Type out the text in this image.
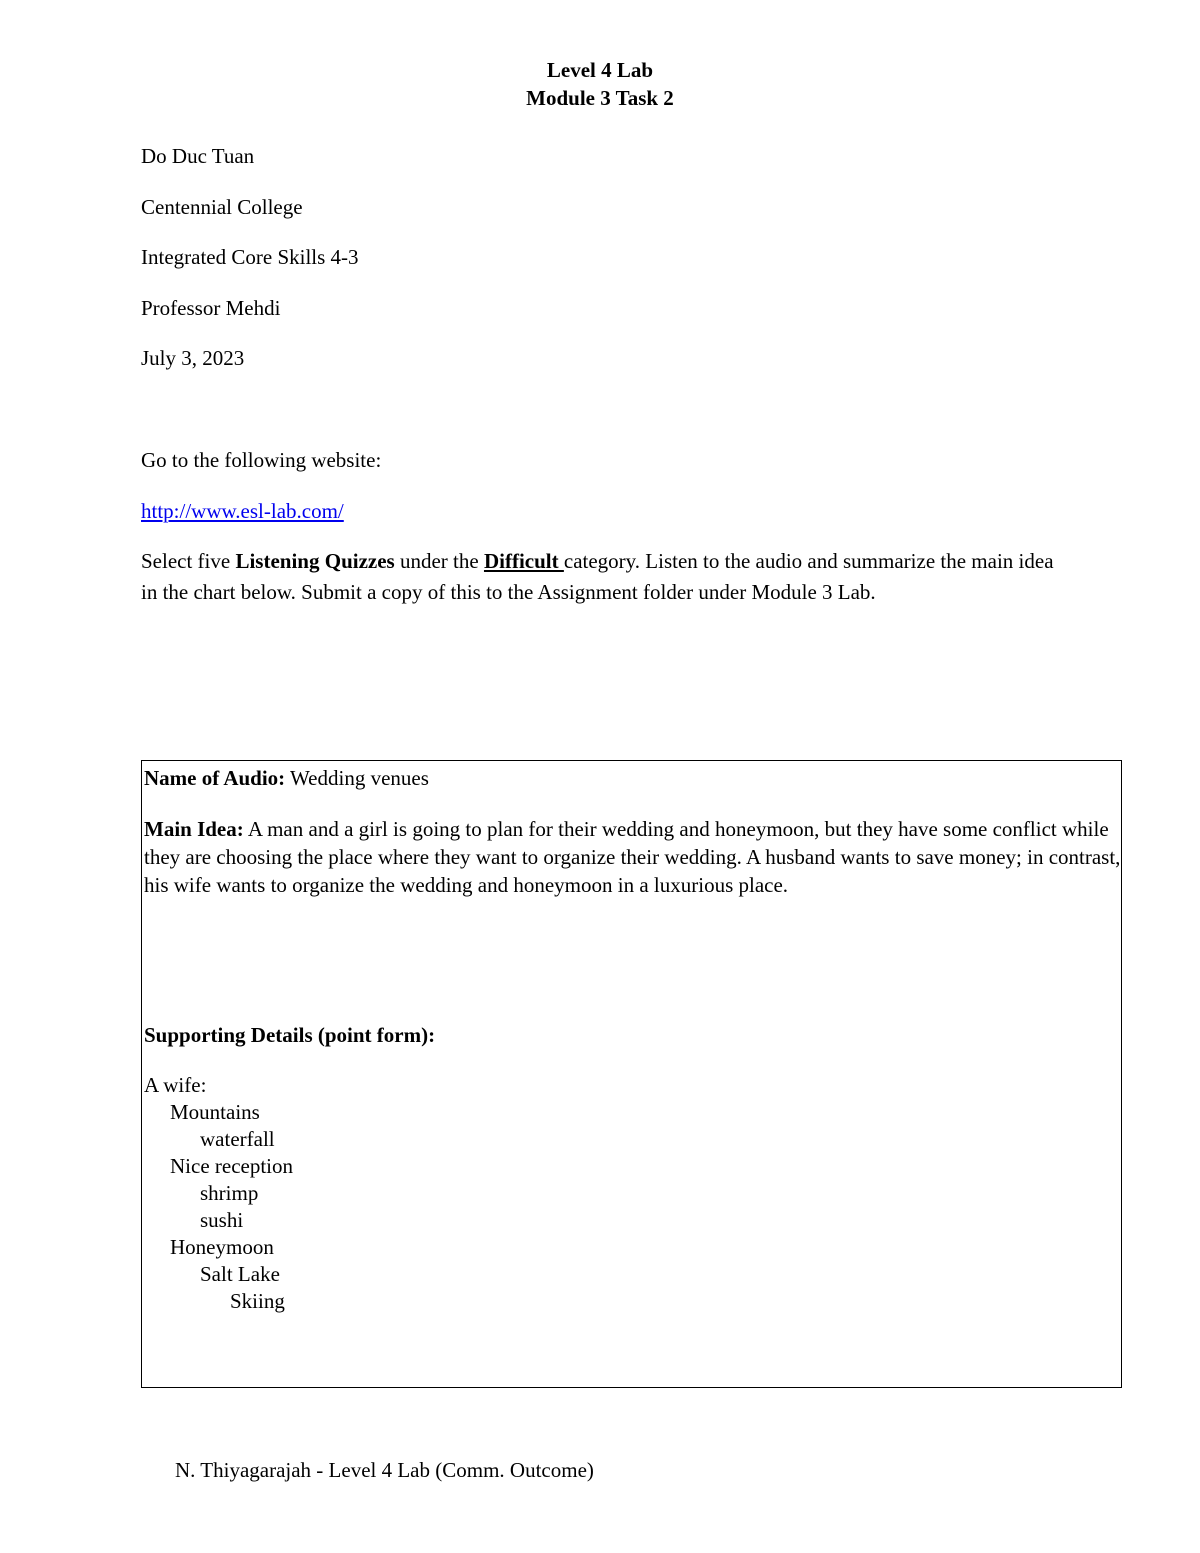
Level 4 Lab
Module 3 Task 2
Do Duc Tuan
Centennial College
Integrated Core Skills 4-3
Professor Mehdi
July 3, 2023
Go to the following website:
http://www.esl-lab.com/
Select five Listening Quizzes under the Difficult category. Listen to the audio and summarize the main idea in the chart below. Submit a copy of this to the Assignment folder under Module 3 Lab.
Name of Audio: Wedding venues
Main Idea: A man and a girl is going to plan for their wedding and honeymoon, but they have some conflict while they are choosing the place where they want to organize their wedding. A husband wants to save money; in contrast, his wife wants to organize the wedding and honeymoon in a luxurious place.
Supporting Details (point form):
A wife:
Mountains
waterfall
Nice reception
shrimp
sushi
Honeymoon
Salt Lake
Skiing
N. Thiyagarajah - Level 4 Lab (Comm. Outcome)
